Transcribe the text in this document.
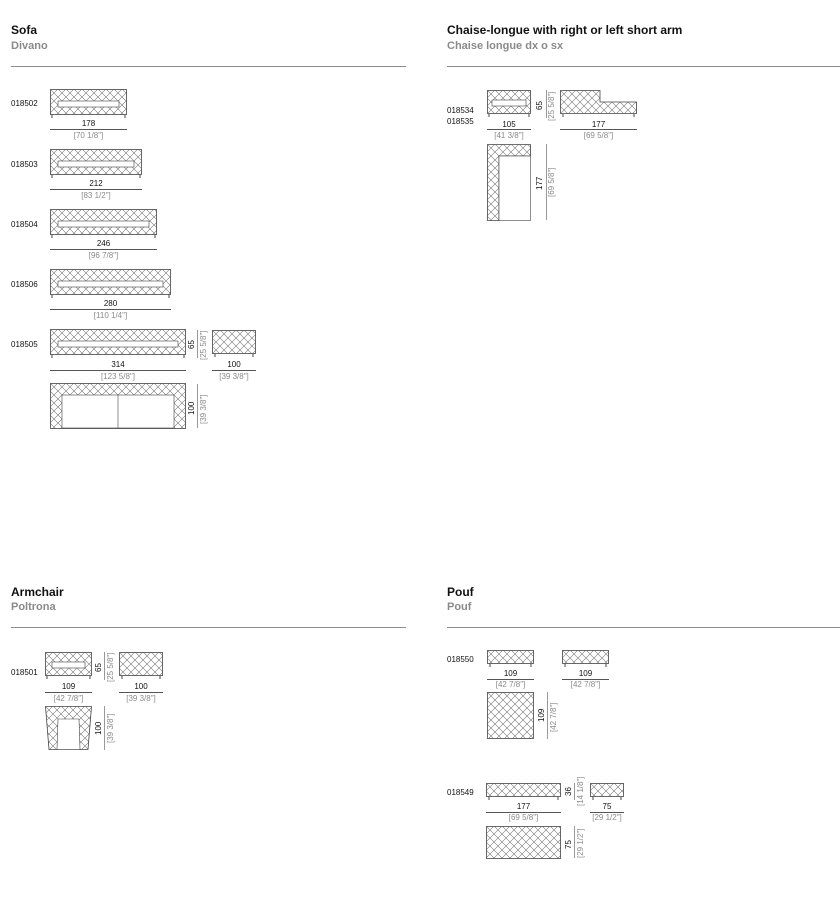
Sofa
Divano
018502
178
[70 1/8"]
018503
212
[83 1/2"]
018504
246
[96 7/8"]
018506
280
[110 1/4"]
018505
314
[123 5/8"]
65 [25 5/8"]
100
[39 3/8"]
100 [39 3/8"]
Chaise-longue with right or left short arm
Chaise longue dx o sx
018534
018535	105
[41 3/8"]
65 [25 5/8"]
177
[69 5/8"]
177 [69 5/8"]
Armchair
Poltrona
018501
109
[42 7/8"]
65 [25 5/8"]
100
[39 3/8"]
100 [39 3/8"]
Pouf
Pouf
018550
109
[42 7/8"]
109
[42 7/8"]
109 [42 7/8"]
018549
177
[69 5/8"]
36 [14 1/8"]
75
[29 1/2"]
75 [29 1/2"]
